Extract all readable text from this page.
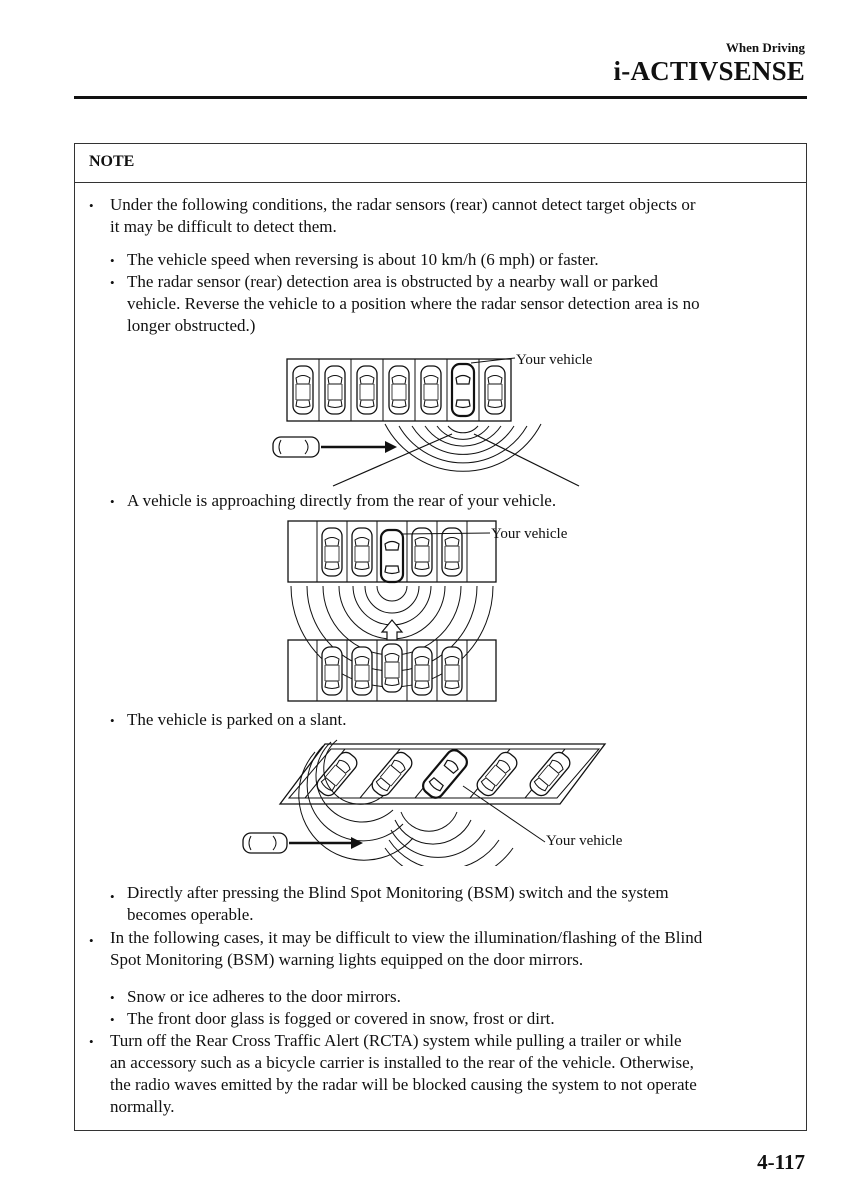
When Driving
i-ACTIVSENSE
NOTE
• Under the following conditions, the radar sensors (rear) cannot detect target objects or
it may be difficult to detect them.
• The vehicle speed when reversing is about 10 km/h (6 mph) or faster.
• The radar sensor (rear) detection area is obstructed by a nearby wall or parked
vehicle. Reverse the vehicle to a position where the radar sensor detection area is no
longer obstructed.)
Your vehicle
• A vehicle is approaching directly from the rear of your vehicle.
Your vehicle
• The vehicle is parked on a slant.
Your vehicle
• Directly after pressing the Blind Spot Monitoring (BSM) switch and the system
becomes operable.
• In the following cases, it may be difficult to view the illumination/flashing of the Blind
Spot Monitoring (BSM) warning lights equipped on the door mirrors.
• Snow or ice adheres to the door mirrors.
• The front door glass is fogged or covered in snow, frost or dirt.
• Turn off the Rear Cross Traffic Alert (RCTA) system while pulling a trailer or while
an accessory such as a bicycle carrier is installed to the rear of the vehicle. Otherwise,
the radio waves emitted by the radar will be blocked causing the system to not operate
normally.
4-117
